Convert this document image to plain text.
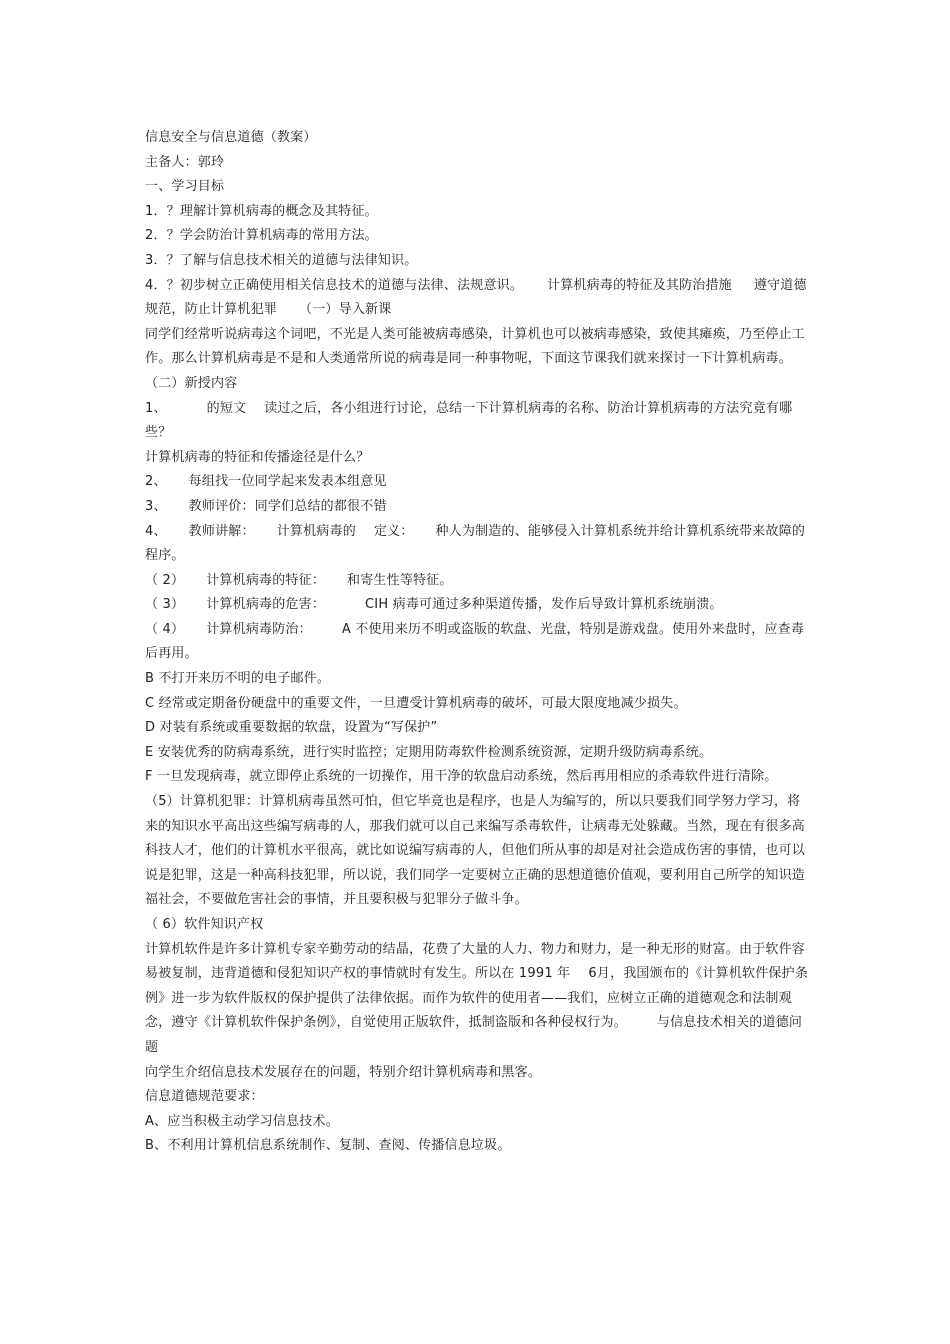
信息安全与信息道德（教案）

主备人：郭玲

一、学习目标

1．？理解计算机病毒的概念及其特征。

2．？学会防治计算机病毒的常用方法。

3．？了解与信息技术相关的道德与法律知识。

4．？初步树立正确使用相关信息技术的道德与法律、法规意识。 计算机病毒的特征及其防治措施 遵守道德规范，防止计算机犯罪 （一）导入新课

同学们经常听说病毒这个词吧，不光是人类可能被病毒感染，计算机也可以被病毒感染，致使其瘫痪，乃至停止工作。那么计算机病毒是不是和人类通常所说的病毒是同一种事物呢，下面这节课我们就来探讨一下计算机病毒。

（二）新授内容

1、	的短文 读过之后，各小组进行讨论，总结一下计算机病毒的名称、防治计算机病毒的方法究竟有哪些？

计算机病毒的特征和传播途径是什么？

2、 每组找一位同学起来发表本组意见

3、 教师评价：同学们总结的都很不错

4、 教师讲解： 计算机病毒的 定义： 种人为制造的、能够侵入计算机系统并给计算机系统带来故障的程序。

（ 2） 计算机病毒的特征： 和寄生性等特征。

（ 3） 计算机病毒的危害：	CIH 病毒可通过多种渠道传播，发作后导致计算机系统崩溃。

（ 4） 计算机病毒防治： A 不使用来历不明或盗版的软盘、光盘，特别是游戏盘。使用外来盘时，应查毒后再用。

B 不打开来历不明的电子邮件。

C 经常或定期备份硬盘中的重要文件，一旦遭受计算机病毒的破坏，可最大限度地减少损失。

D 对装有系统或重要数据的软盘，设置为“写保护”

E 安装优秀的防病毒系统，进行实时监控；定期用防毒软件检测系统资源，定期升级防病毒系统。

F 一旦发现病毒，就立即停止系统的一切操作，用干净的软盘启动系统，然后再用相应的杀毒软件进行清除。

（5）计算机犯罪：计算机病毒虽然可怕，但它毕竟也是程序，也是人为编写的，所以只要我们同学努力学习，将来的知识水平高出这些编写病毒的人，那我们就可以自己来编写杀毒软件，让病毒无处躲藏。当然，现在有很多高科技人才，他们的计算机水平很高，就比如说编写病毒的人，但他们所从事的却是对社会造成伤害的事情，也可以说是犯罪，这是一种高科技犯罪，所以说，我们同学一定要树立正确的思想道德价值观，要利用自己所学的知识造福社会，不要做危害社会的事情，并且要积极与犯罪分子做斗争。

（ 6）软件知识产权

计算机软件是许多计算机专家辛勤劳动的结晶，花费了大量的人力、物力和财力，是一种无形的财富。由于软件容易被复制，违背道德和侵犯知识产权的事情就时有发生。所以在 1991 年 6月，我国颁布的《计算机软件保护条例》进一步为软件版权的保护提供了法律依据。而作为软件的使用者——我们，应树立正确的道德观念和法制观念，遵守《计算机软件保护条例》，自觉使用正版软件，抵制盗版和各种侵权行为。 与信息技术相关的道德问题

向学生介绍信息技术发展存在的问题，特别介绍计算机病毒和黑客。

信息道德规范要求：

A、应当积极主动学习信息技术。

B、不利用计算机信息系统制作、复制、查阅、传播信息垃圾。
